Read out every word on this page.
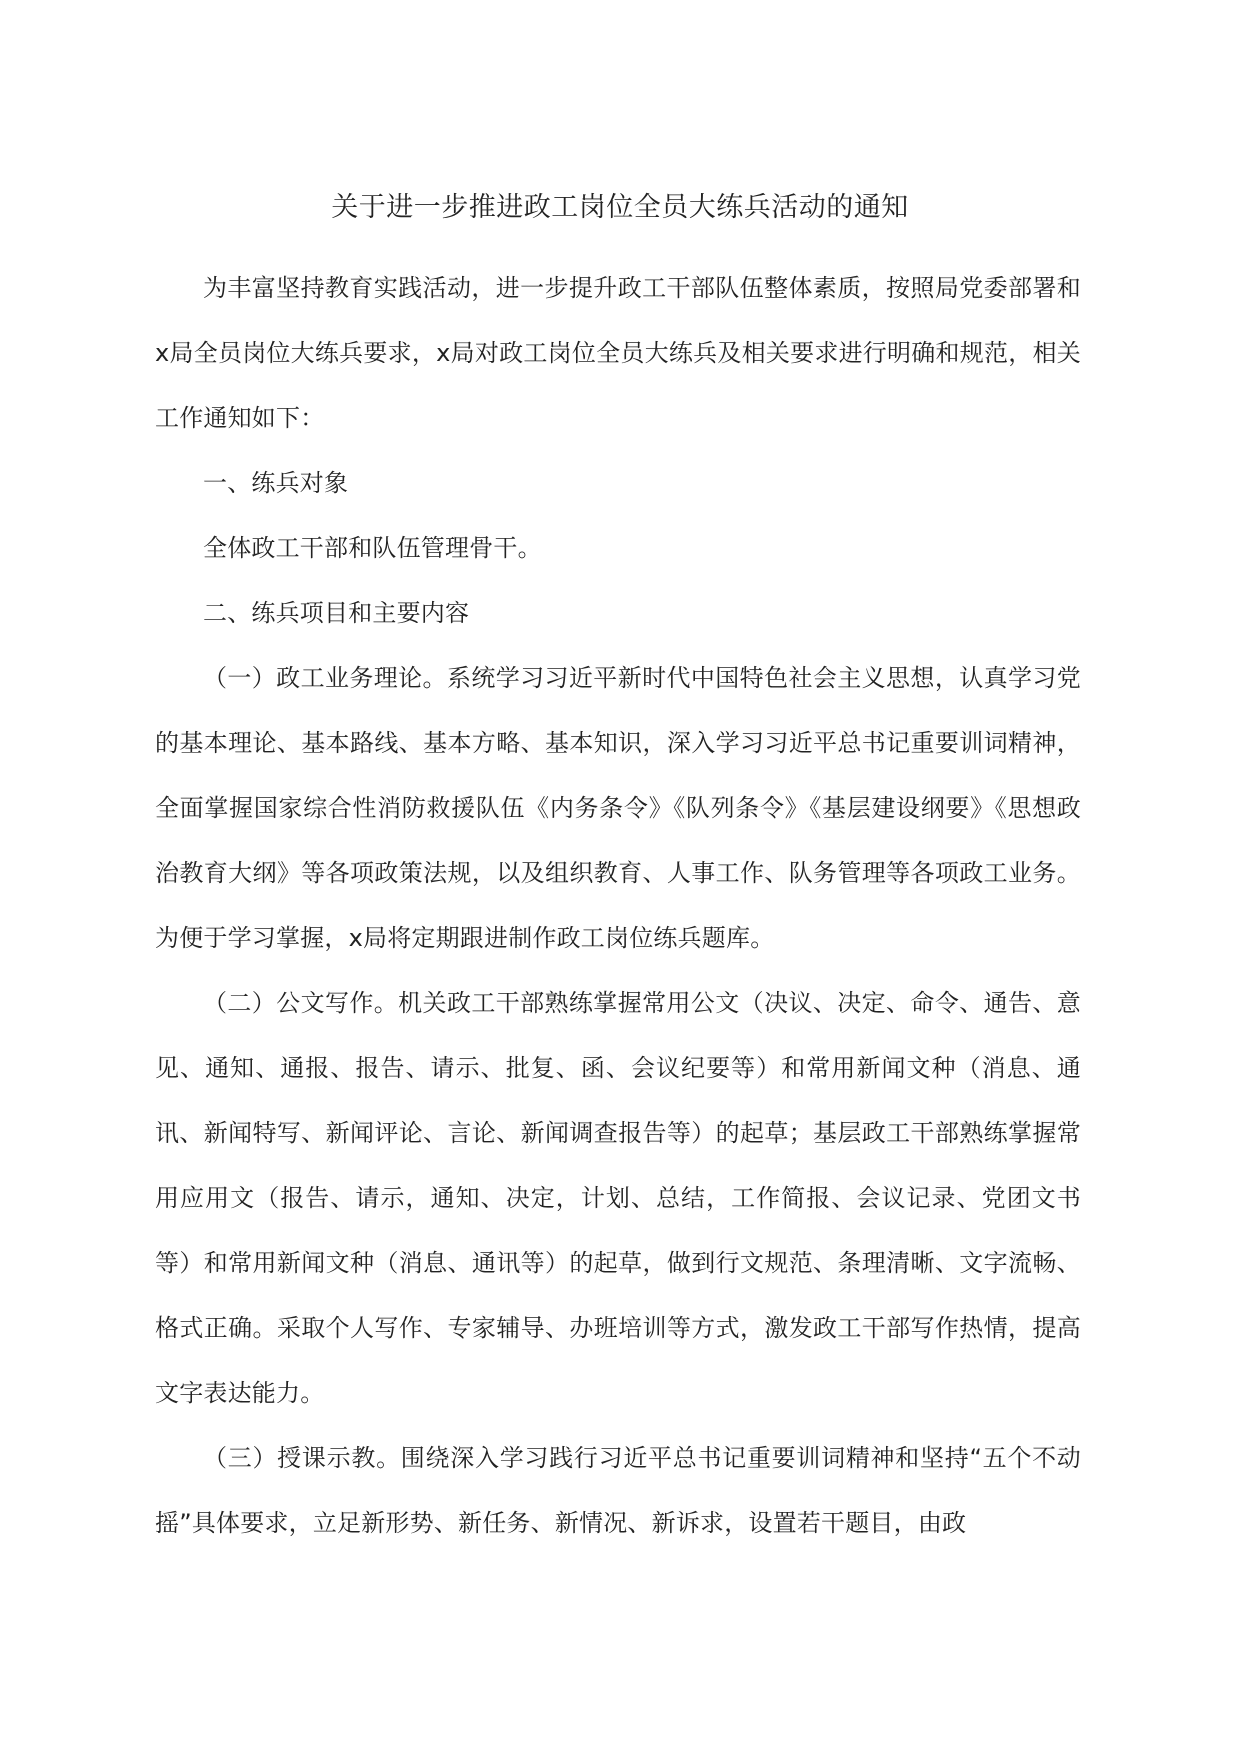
关于进一步推进政工岗位全员大练兵活动的通知

为丰富坚持教育实践活动，进一步提升政工干部队伍整体素质，按照局党委部署和x局全员岗位大练兵要求，x局对政工岗位全员大练兵及相关要求进行明确和规范，相关工作通知如下：

一、练兵对象

全体政工干部和队伍管理骨干。

二、练兵项目和主要内容

（一）政工业务理论。系统学习习近平新时代中国特色社会主义思想，认真学习党的基本理论、基本路线、基本方略、基本知识，深入学习习近平总书记重要训词精神，全面掌握国家综合性消防救援队伍《内务条令》《队列条令》《基层建设纲要》《思想政治教育大纲》等各项政策法规，以及组织教育、人事工作、队务管理等各项政工业务。为便于学习掌握，x局将定期跟进制作政工岗位练兵题库。

（二）公文写作。机关政工干部熟练掌握常用公文（决议、决定、命令、通告、意见、通知、通报、报告、请示、批复、函、会议纪要等）和常用新闻文种（消息、通讯、新闻特写、新闻评论、言论、新闻调查报告等）的起草；基层政工干部熟练掌握常用应用文（报告、请示，通知、决定，计划、总结，工作简报、会议记录、党团文书等）和常用新闻文种（消息、通讯等）的起草，做到行文规范、条理清晰、文字流畅、格式正确。采取个人写作、专家辅导、办班培训等方式，激发政工干部写作热情，提高文字表达能力。

（三）授课示教。围绕深入学习践行习近平总书记重要训词精神和坚持“五个不动摇”具体要求，立足新形势、新任务、新情况、新诉求，设置若干题目，由政
